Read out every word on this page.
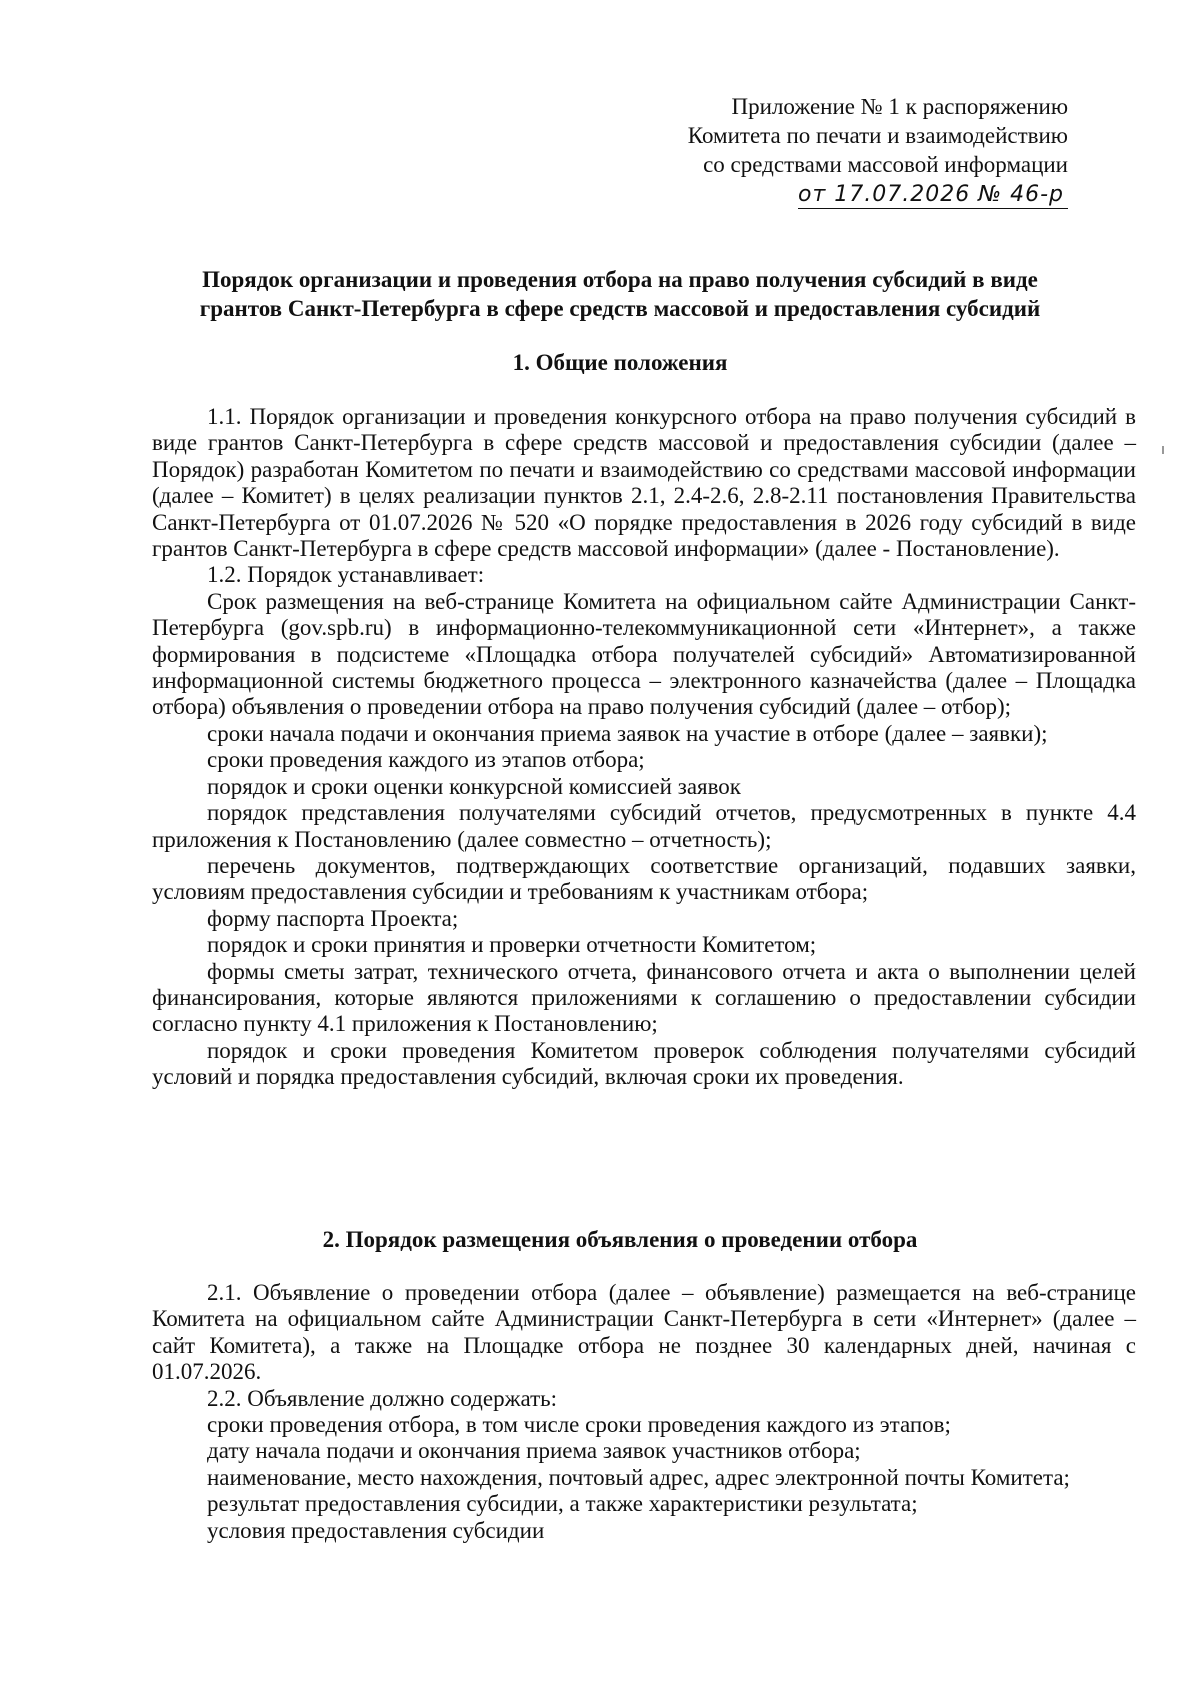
Приложение № 1 к распоряжению
Комитета по печати и взаимодействию
со средствами массовой информации
от 17.07.2026 № 46-р
Порядок организации и проведения отбора на право получения субсидий в виде
грантов Санкт-Петербурга в сфере средств массовой и предоставления субсидий
1. Общие положения

1.1. Порядок организации и проведения конкурсного отбора на право получения субсидий в виде грантов Санкт-Петербурга в сфере средств массовой и предоставления субсидии (далее – Порядок) разработан Комитетом по печати и взаимодействию со средствами массовой информации (далее – Комитет) в целях реализации пунктов 2.1, 2.4-2.6, 2.8-2.11 постановления Правительства Санкт-Петербурга от 01.07.2026 № 520 «О порядке предоставления в 2026 году субсидий в виде грантов Санкт-Петербурга в сфере средств массовой информации» (далее - Постановление).

1.2. Порядок устанавливает:

Срок размещения на веб-странице Комитета на официальном сайте Администрации Санкт-Петербурга (gov.spb.ru) в информационно-телекоммуникационной сети «Интернет», а также формирования в подсистеме «Площадка отбора получателей субсидий» Автоматизированной информационной системы бюджетного процесса – электронного казначейства (далее – Площадка отбора) объявления о проведении отбора на право получения субсидий (далее – отбор);

сроки начала подачи и окончания приема заявок на участие в отборе (далее – заявки);

сроки проведения каждого из этапов отбора;

порядок и сроки оценки конкурсной комиссией заявок

порядок представления получателями субсидий отчетов, предусмотренных в пункте 4.4 приложения к Постановлению (далее совместно – отчетность);

перечень документов, подтверждающих соответствие организаций, подавших заявки, условиям предоставления субсидии и требованиям к участникам отбора;

форму паспорта Проекта;

порядок и сроки принятия и проверки отчетности Комитетом;

формы сметы затрат, технического отчета, финансового отчета и акта о выполнении целей финансирования, которые являются приложениями к соглашению о предоставлении субсидии согласно пункту 4.1 приложения к Постановлению;

порядок и сроки проведения Комитетом проверок соблюдения получателями субсидий условий и порядка предоставления субсидий, включая сроки их проведения.

2. Порядок размещения объявления о проведении отбора

2.1. Объявление о проведении отбора (далее – объявление) размещается на веб-странице Комитета на официальном сайте Администрации Санкт-Петербурга в сети «Интернет» (далее – сайт Комитета), а также на Площадке отбора не позднее 30 календарных дней, начиная с 01.07.2026.

2.2. Объявление должно содержать:

сроки проведения отбора, в том числе сроки проведения каждого из этапов;

дату начала подачи и окончания приема заявок участников отбора;

наименование, место нахождения, почтовый адрес, адрес электронной почты Комитета;

результат предоставления субсидии, а также характеристики результата;

условия предоставления субсидии
